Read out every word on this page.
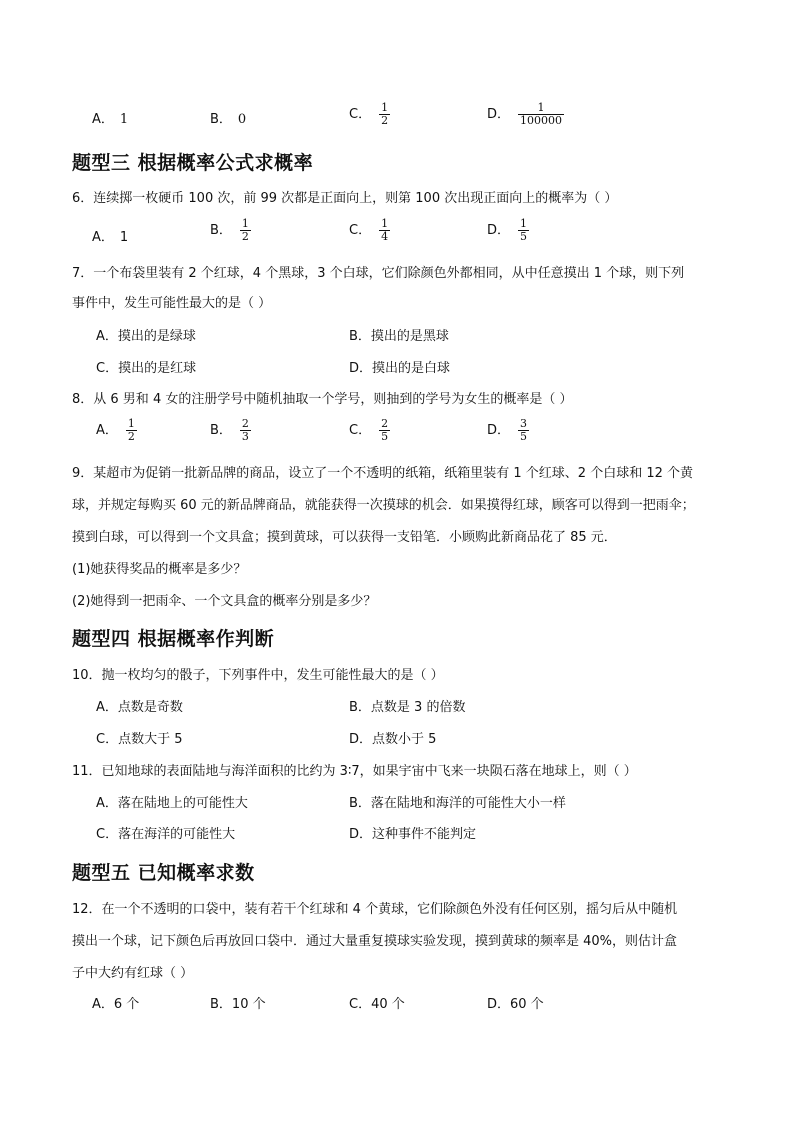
A． 1	B． 0	C． $\frac{1}{2}$	D． $\frac{1}{100000}$
题型三 根据概率公式求概率
6．连续掷一枚硬币 100 次，前 99 次都是正面向上，则第 100 次出现正面向上的概率为（ ）
A． 1	B． $\frac{1}{2}$	C． $\frac{1}{4}$	D． $\frac{1}{5}$
7．一个布袋里装有 2 个红球，4 个黑球，3 个白球，它们除颜色外都相同，从中任意摸出 1 个球，则下列
事件中，发生可能性最大的是（ ）
A．摸出的是绿球	B．摸出的是黑球
C．摸出的是红球	D．摸出的是白球
8．从 6 男和 4 女的注册学号中随机抽取一个学号，则抽到的学号为女生的概率是（ ）
A． $\frac{1}{2}$	B． $\frac{2}{3}$	C． $\frac{2}{5}$	D． $\frac{3}{5}$
9．某超市为促销一批新品牌的商品，设立了一个不透明的纸箱，纸箱里装有 1 个红球、2 个白球和 12 个黄
球，并规定每购买 60 元的新品牌商品，就能获得一次摸球的机会．如果摸得红球，顾客可以得到一把雨伞；
摸到白球，可以得到一个文具盒；摸到黄球，可以获得一支铅笔．小顾购此新商品花了 85 元．
(1)她获得奖品的概率是多少？
(2)她得到一把雨伞、一个文具盒的概率分别是多少？
题型四 根据概率作判断
10．抛一枚均匀的骰子，下列事件中，发生可能性最大的是（ ）
A．点数是奇数	B．点数是 3 的倍数
C．点数大于 5	D．点数小于 5
11．已知地球的表面陆地与海洋面积的比约为 3∶7，如果宇宙中飞来一块陨石落在地球上，则（ ）
A．落在陆地上的可能性大	B．落在陆地和海洋的可能性大小一样
C．落在海洋的可能性大	D．这种事件不能判定
题型五 已知概率求数
12．在一个不透明的口袋中，装有若干个红球和 4 个黄球，它们除颜色外没有任何区别，摇匀后从中随机
摸出一个球，记下颜色后再放回口袋中．通过大量重复摸球实验发现，摸到黄球的频率是 40%，则估计盒
子中大约有红球（ ）
A．6 个	B．10 个	C．40 个	D．60 个
